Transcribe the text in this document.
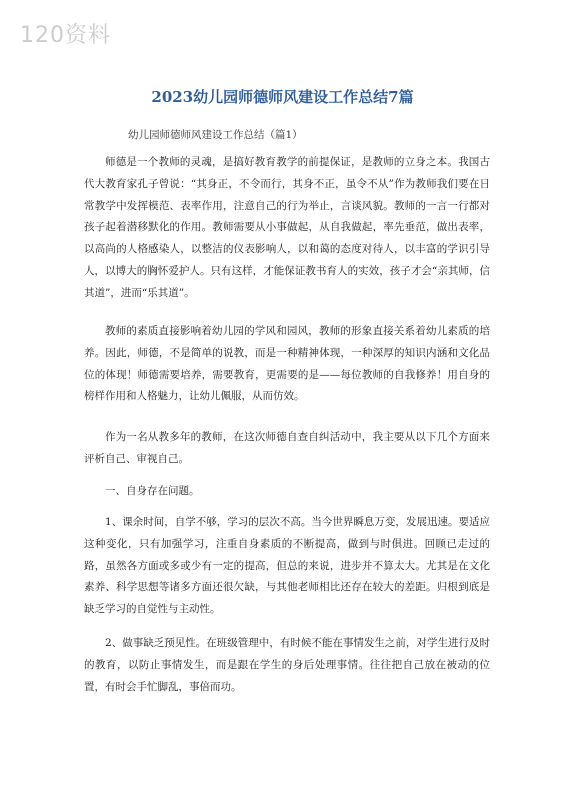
120资料
2023幼儿园师德师风建设工作总结7篇
幼儿园师德师风建设工作总结（篇1）

师德是一个教师的灵魂，是搞好教育教学的前提保证，是教师的立身之本。我国古代大教育家孔子曾说：“其身正，不令而行，其身不正，虽令不从”作为教师我们要在日常教学中发挥模范、表率作用，注意自己的行为举止，言谈风貌。教师的一言一行都对孩子起着潜移默化的作用。教师需要从小事做起，从自我做起，率先垂范，做出表率，以高尚的人格感染人，以整洁的仪表影响人，以和蔼的态度对待人，以丰富的学识引导人，以博大的胸怀爱护人。只有这样，才能保证教书育人的实效，孩子才会“亲其师，信其道”，进而“乐其道”。

教师的素质直接影响着幼儿园的学风和园风，教师的形象直接关系着幼儿素质的培养。因此，师德，不是简单的说教，而是一种精神体现，一种深厚的知识内涵和文化品位的体现！师德需要培养，需要教育，更需要的是——每位教师的自我修养！用自身的榜样作用和人格魅力，让幼儿佩服，从而仿效。

作为一名从教多年的教师，在这次师德自查自纠活动中，我主要从以下几个方面来评析自己、审视自己。

一、自身存在问题。

1、课余时间，自学不够，学习的层次不高。当今世界瞬息万变，发展迅速。要适应这种变化，只有加强学习，注重自身素质的不断提高，做到与时俱进。回顾已走过的路，虽然各方面或多或少有一定的提高，但总的来说，进步并不算太大。尤其是在文化素养、科学思想等诸多方面还很欠缺，与其他老师相比还存在较大的差距。归根到底是缺乏学习的自觉性与主动性。

2、做事缺乏预见性。在班级管理中，有时候不能在事情发生之前，对学生进行及时的教育，以防止事情发生，而是跟在学生的身后处理事情。往往把自己放在被动的位置，有时会手忙脚乱，事倍而功。
